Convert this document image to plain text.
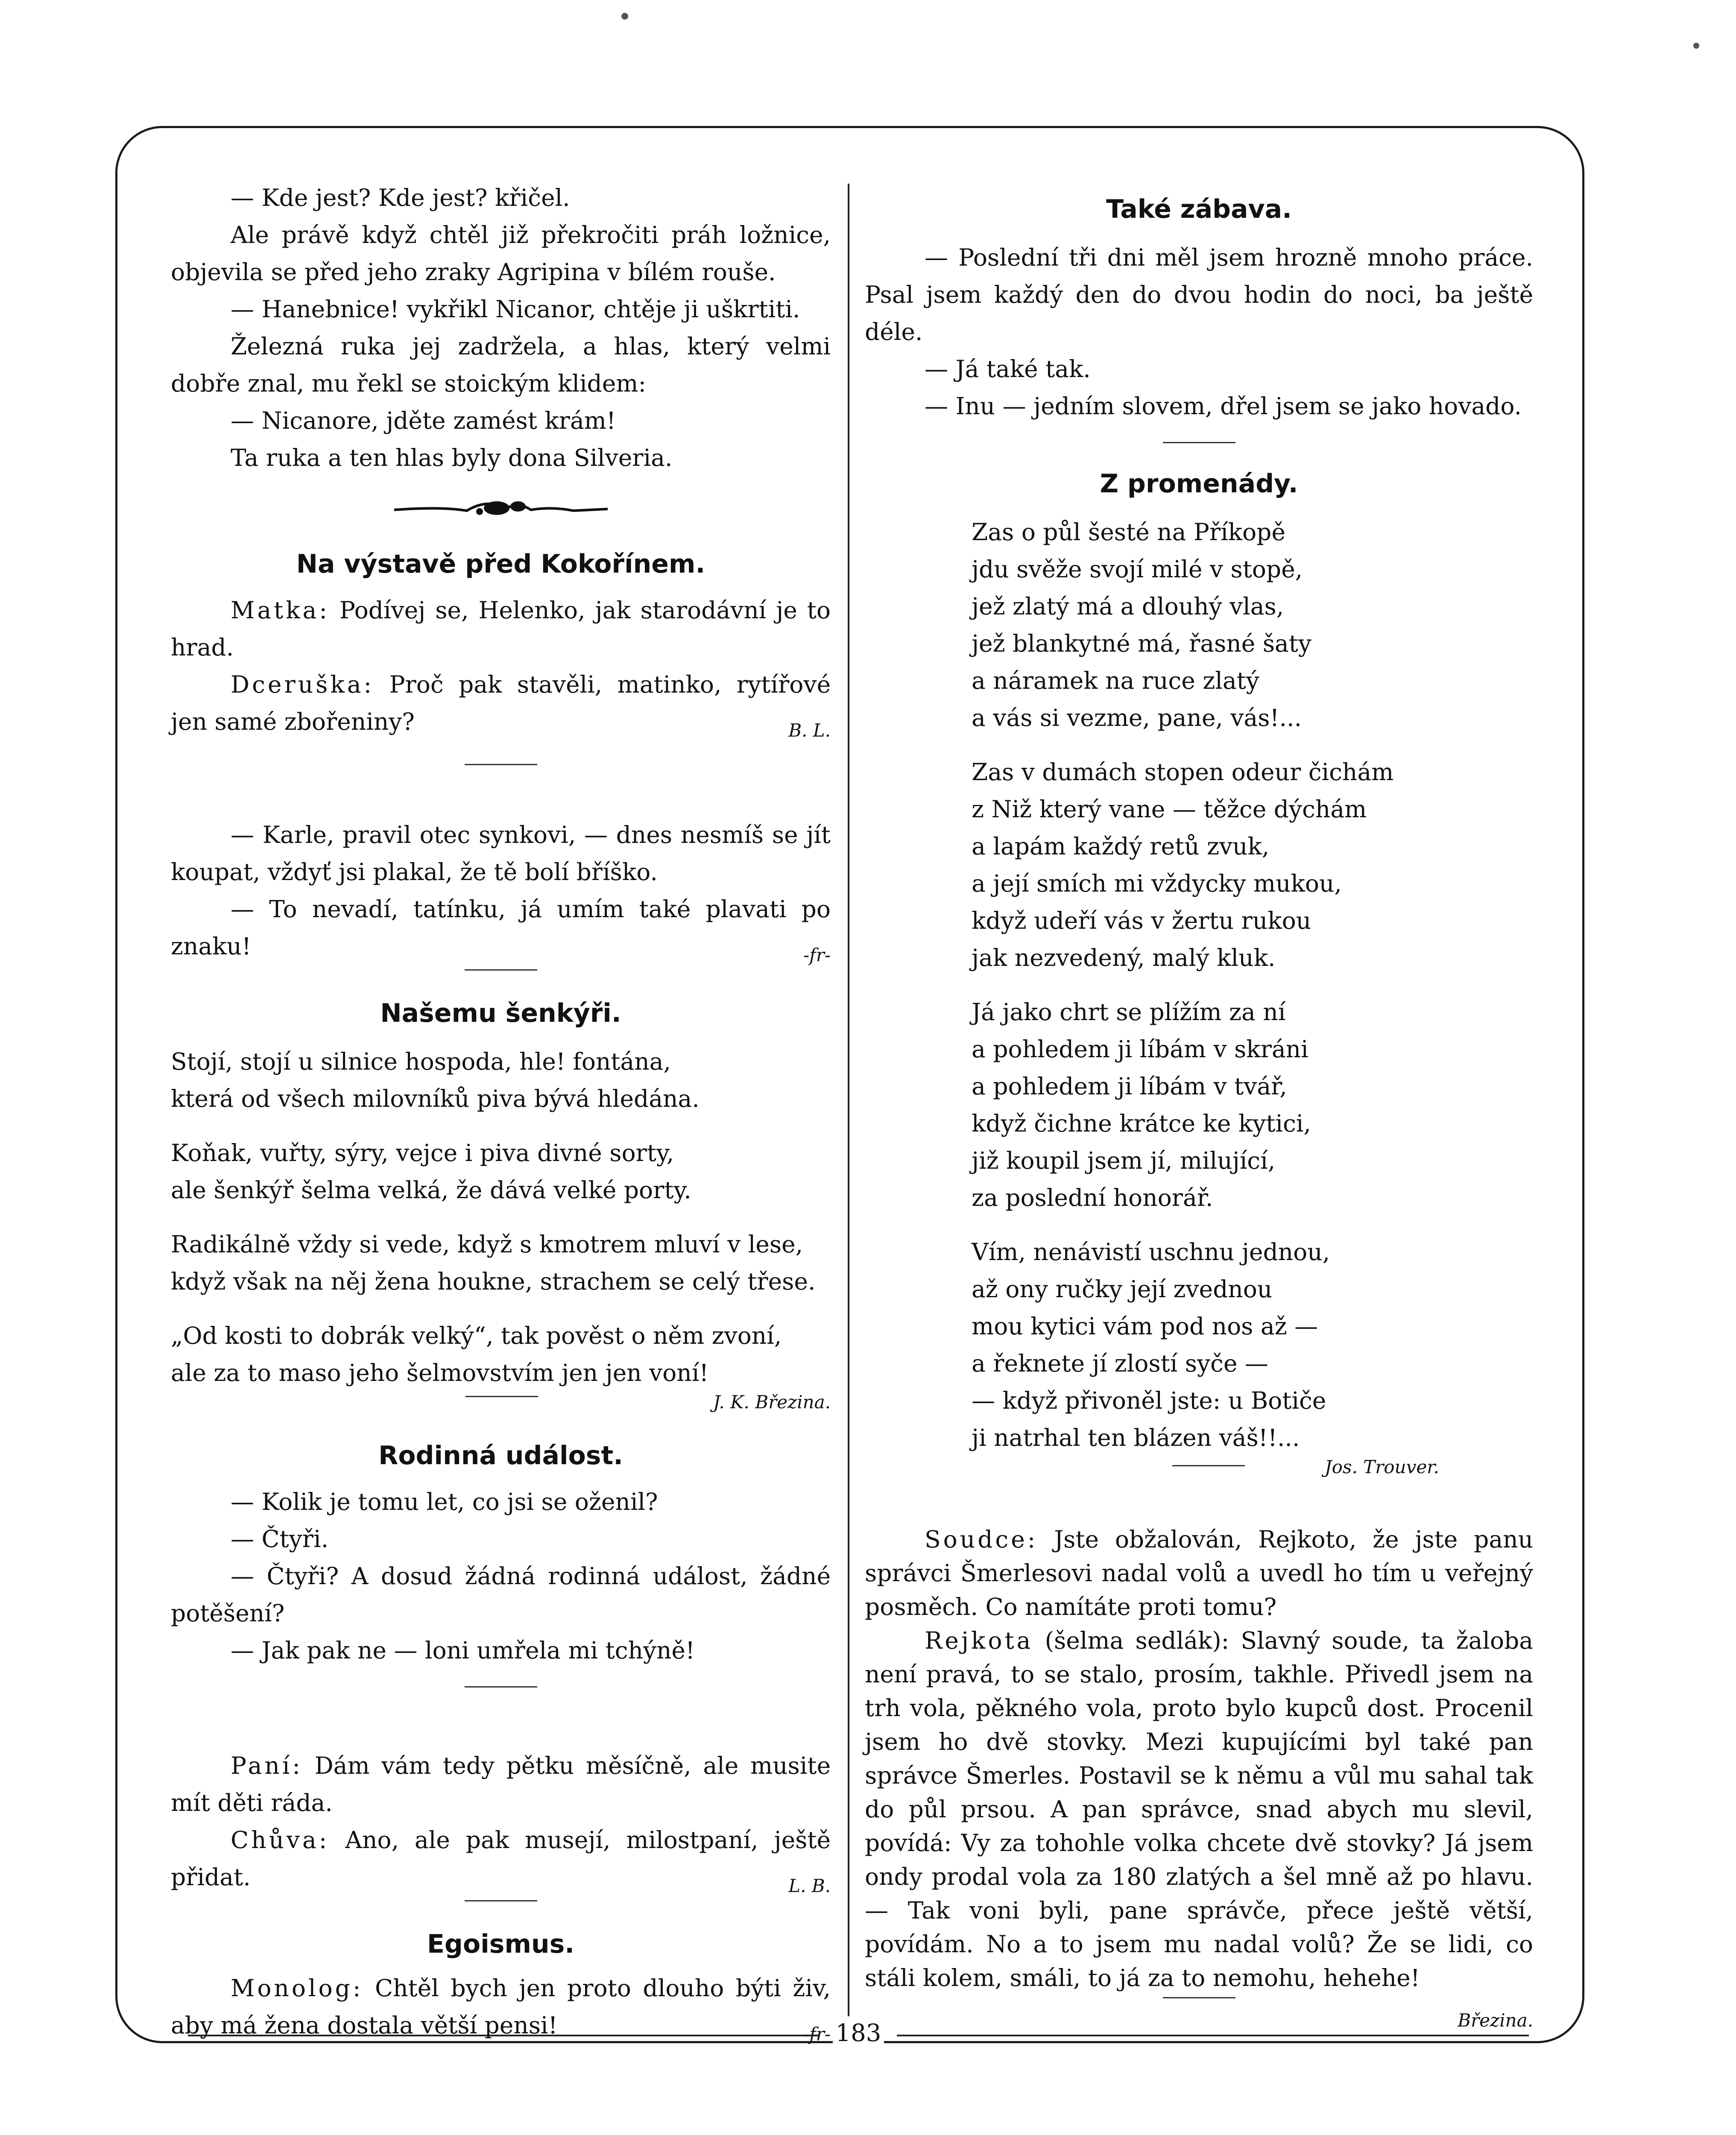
183

— Kde jest? Kde jest? křičel.

Ale právě když chtěl již překročiti práh ložnice, objevila se před jeho zraky Agripina v bílém rouše.

— Hanebnice! vykřikl Nicanor, chtěje ji uškrtiti.

Železná ruka jej zadržela, a hlas, který velmi dobře znal, mu řekl se stoickým klidem:

— Nicanore, jděte zamést krám!

Ta ruka a ten hlas byly dona Silveria.

Na výstavě před Kokořínem.

Matka: Podívej se, Helenko, jak starodávní je to hrad.

Dceruška: Proč pak stavěli, matinko, rytířové jen samé zbořeniny?	B. L.

— Karle, pravil otec synkovi, — dnes nesmíš se jít koupat, vždyť jsi plakal, že tě bolí bříško.

— To nevadí, tatínku, já umím také plavati po znaku!	-fr-

Našemu šenkýři.

Stojí, stojí u silnice hospoda, hle! fontána,

která od všech milovníků piva bývá hledána.

Koňak, vuřty, sýry, vejce i piva divné sorty,

ale šenkýř šelma velká, že dává velké porty.

Radikálně vždy si vede, když s kmotrem mluví v lese,

když však na něj žena houkne, strachem se celý třese.

„Od kosti to dobrák velký“, tak pověst o něm zvoní,

ale za to maso jeho šelmovstvím jen jen voní!

J. K. Březina.
Rodinná událost.

— Kolik je tomu let, co jsi se oženil?

— Čtyři.

— Čtyři? A dosud žádná rodinná událost, žádné potěšení?

— Jak pak ne — loni umřela mi tchýně!

Paní: Dám vám tedy pětku měsíčně, ale musite mít děti ráda.

Chůva: Ano, ale pak musejí, milostpaní, ještě přidat.	L. B.

Egoismus.

Monolog: Chtěl bych jen proto dlouho býti živ, aby má žena dostala větší pensi!	-fr-

Také zábava.

— Poslední tři dni měl jsem hrozně mnoho práce. Psal jsem každý den do dvou hodin do noci, ba ještě déle.

— Já také tak.

— Inu — jedním slovem, dřel jsem se jako hovado.

Z promenády.

Zas o půl šesté na Příkopě

jdu svěže svojí milé v stopě,

jež zlatý má a dlouhý vlas,

jež blankytné má, řasné šaty

a náramek na ruce zlatý

a vás si vezme, pane, vás!...

Zas v dumách stopen odeur čichám

z Niž který vane — těžce dýchám

a lapám každý retů zvuk,

a její smích mi vždycky mukou,

když udeří vás v žertu rukou

jak nezvedený, malý kluk.

Já jako chrt se plížím za ní

a pohledem ji líbám v skráni

a pohledem ji líbám v tvář,

když čichne krátce ke kytici,

již koupil jsem jí, milující,

za poslední honorář.

Vím, nenávistí uschnu jednou,

až ony ručky její zvednou

mou kytici vám pod nos až —

a řeknete jí zlostí syče —

— když přivoněl jste: u Botiče

ji natrhal ten blázen váš!!...

Jos. Trouver.

Soudce: Jste obžalován, Rejkoto, že jste panu správci Šmerlesovi nadal volů a uvedl ho tím u veřejný posměch. Co namítáte proti tomu?

Rejkota (šelma sedlák): Slavný soude, ta žaloba není pravá, to se stalo, prosím, takhle. Přivedl jsem na trh vola, pěkného vola, proto bylo kupců dost. Procenil jsem ho dvě stovky. Mezi kupujícími byl také pan správce Šmerles. Postavil se k němu a vůl mu sahal tak do půl prsou. A pan správce, snad abych mu slevil, povídá: Vy za tohohle volka chcete dvě stovky? Já jsem ondy prodal vola za 180 zlatých a šel mně až po hlavu. — Tak voni byli, pane správče, přece ještě větší, povídám. No a to jsem mu nadal volů? Že se lidi, co stáli kolem, smáli, to já za to nemohu, hehehe!
Březina.
